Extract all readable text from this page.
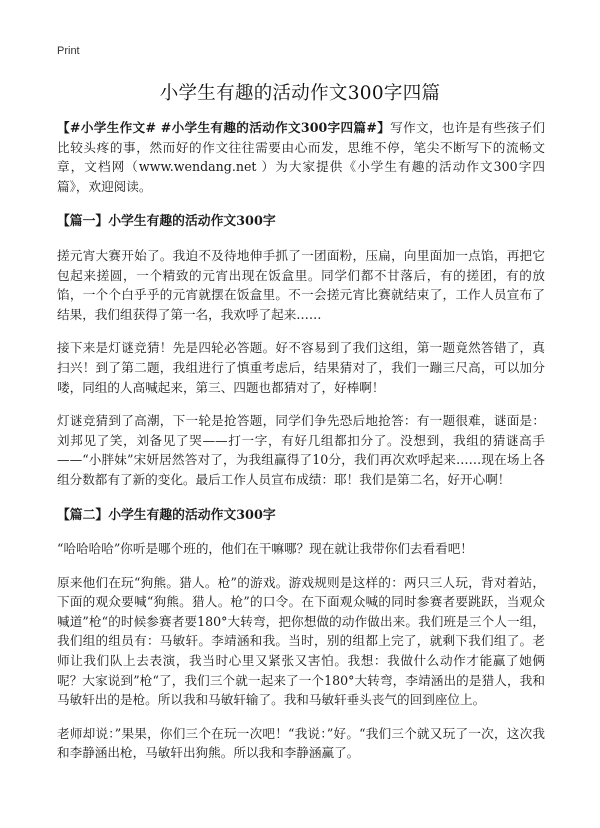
Print
小学生有趣的活动作文300字四篇

【#小学生作文# #小学生有趣的活动作文300字四篇#】写作文，也许是有些孩子们比较头疼的事，然而好的作文往往需要由心而发，思维不停，笔尖不断写下的流畅文章，文档网（www.wendang.net ）为大家提供《小学生有趣的活动作文300字四篇》，欢迎阅读。

【篇一】小学生有趣的活动作文300字

搓元宵大赛开始了。我迫不及待地伸手抓了一团面粉，压扁，向里面加一点馅，再把它包起来搓圆，一个精致的元宵出现在饭盒里。同学们都不甘落后，有的搓团，有的放馅，一个个白乎乎的元宵就摆在饭盒里。不一会搓元宵比赛就结束了，工作人员宣布了结果，我们组获得了第一名，我欢呼了起来……

接下来是灯谜竞猜！先是四轮必答题。好不容易到了我们这组，第一题竟然答错了，真扫兴！到了第二题，我组进行了慎重考虑后，结果猜对了，我们一蹦三尺高，可以加分喽，同组的人高喊起来，第三、四题也都猜对了，好棒啊！

灯谜竞猜到了高潮，下一轮是抢答题，同学们争先恐后地抢答：有一题很难，谜面是：刘邦见了笑，刘备见了哭——打一字，有好几组都扣分了。没想到，我组的猜谜高手——“小胖妹”宋妍居然答对了，为我组赢得了10分，我们再次欢呼起来……现在场上各组分数都有了新的变化。最后工作人员宣布成绩：耶！我们是第二名，好开心啊！

【篇二】小学生有趣的活动作文300字

“哈哈哈哈”你听是哪个班的，他们在干嘛哪？现在就让我带你们去看看吧！

原来他们在玩“狗熊。猎人。枪”的游戏。游戏规则是这样的：两只三人玩，背对着站，下面的观众要喊“狗熊。猎人。枪”的口令。在下面观众喊的同时参赛者要跳跃，当观众喊道”枪“的时候参赛者要180°大转弯，把你想做的动作做出来。我们班是三个人一组，我们组的组员有：马敏轩。李靖涵和我。当时，别的组都上完了，就剩下我们组了。老师让我们队上去表演，我当时心里又紧张又害怕。我想：我做什么动作才能赢了她俩呢？大家说到”枪“了，我们三个就一起来了一个180°大转弯，李靖涵出的是猎人，我和马敏轩出的是枪。所以我和马敏轩输了。我和马敏轩垂头丧气的回到座位上。

老师却说：”果果，你们三个在玩一次吧！“我说：”好。“我们三个就又玩了一次，这次我和李静涵出枪，马敏轩出狗熊。所以我和李静涵赢了。
